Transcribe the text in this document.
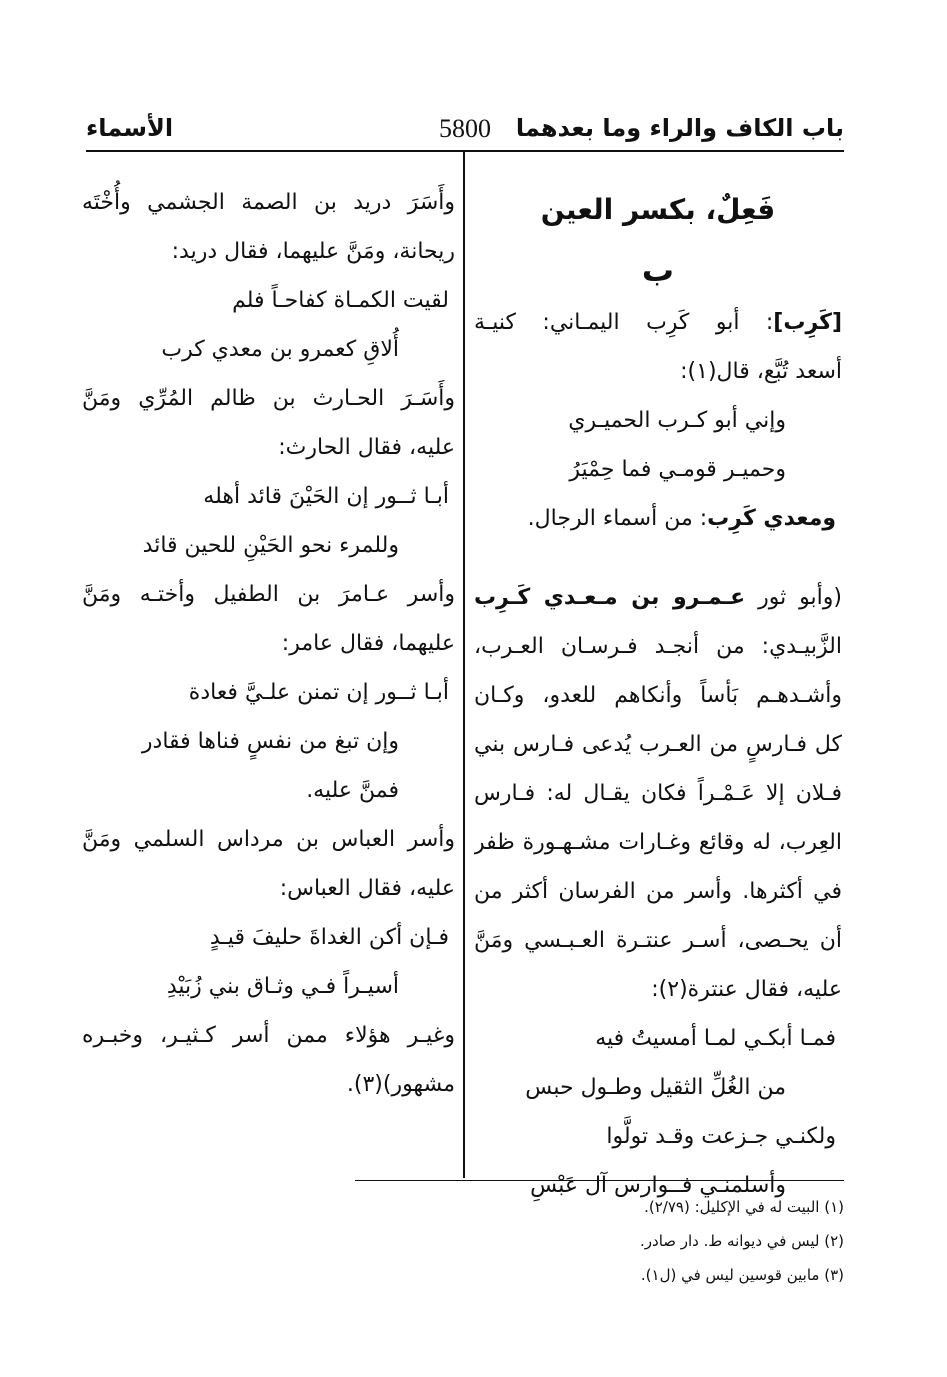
باب الكاف والراء وما بعدهما
5800
الأسماء
فَعِلٌ، بكسر العين
ب
[كَرِب]: أبو كَرِب اليمـاني: كنيـة
أسعد تُبَّع، قال(١):
وإني أبو كـرب الحميـري
وحميـر قومـي فما حِمْيَرُ
ومعدي كَرِب: من أسماء الرجال.
(وأبو ثور عـمـرو بن مـعـدي كَـرِب
الزَّبيـدي: من أنجـد فـرسـان العـرب،
وأشـدهـم بَأساً وأنكاهم للعدو، وكـان
كل فـارسٍ من العـرب يُدعى فـارس بني
فـلان إلا عَـمْـراً فكان يقـال له: فـارس
العِرب، له وقائع وغـارات مشـهـورة ظفر
في أكثرها. وأسر من الفرسان أكثر من
أن يحـصى، أسـر عنتـرة العـبـسي ومَنَّ
عليه، فقال عنترة(٢):
فمـا أبكـي لمـا أمسيتُ فيه
من الغُلِّ الثقيل وطـول حبس
ولكنـي جـزعت وقـد تولَّوا
وأسلمنـي فــوارس آل عَبْسِ
وأَسَرَ دريد بن الصمة الجشمي وأُخْتَه
ريحانة، ومَنَّ عليهما، فقال دريد:
لقيت الكمـاة كفاحـاً فلم
أُلاقِ كعمرو بن معدي كرب
وأَسَـرَ الحـارث بن ظالم المُرِّي ومَنَّ
عليه، فقال الحارث:
أبـا ثــور إن الحَيْنَ قائد أهله
وللمرء نحو الحَيْنِ للحين قائد
وأسر عـامرَ بن الطفيل وأختـه ومَنَّ
عليهما، فقال عامر:
أبـا ثــور إن تمنن علـيَّ فعادة
وإن تبغ من نفسٍ فناها فقادر
فمنَّ عليه.
وأسر العباس بن مرداس السلمي ومَنَّ
عليه، فقال العباس:
فـإن أكن الغداةَ حليفَ قيـدٍ
أسيـراً فـي وثـاق بني زُبَيْدِ
وغيـر هؤلاء ممن أسر كـثيـر، وخبـره
مشهور)(٣).
(١) البيت له في الإكليل: (٢/٧٩).
(٢) ليس في ديوانه ط. دار صادر.
(٣) مابين قوسين ليس في (ل١).
